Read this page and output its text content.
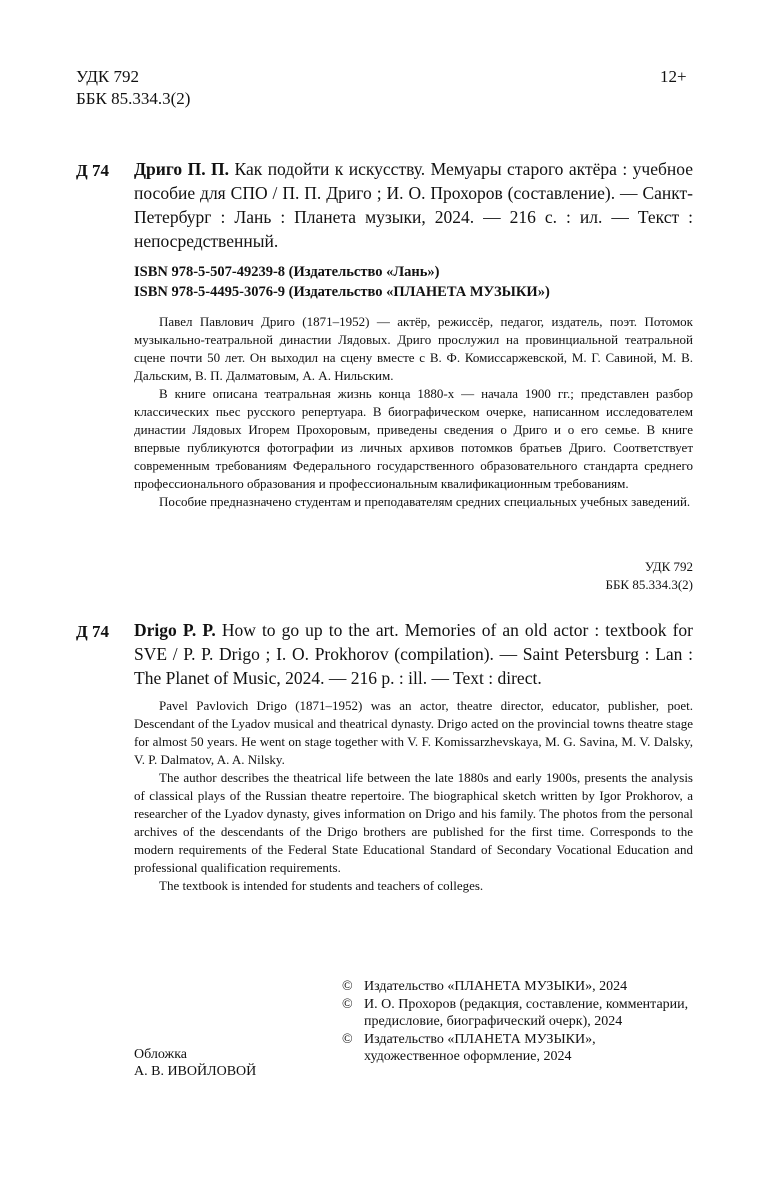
УДК 792
ББК 85.334.3(2)
12+
Д 74 Дриго П. П. Как подойти к искусству. Мемуары старого актёра : учебное пособие для СПО / П. П. Дриго ; И. О. Прохоров (составление). — Санкт-Петербург : Лань : Планета музыки, 2024. — 216 с. : ил. — Текст : непосредственный.
ISBN 978-5-507-49239-8 (Издательство «Лань»)
ISBN 978-5-4495-3076-9 (Издательство «ПЛАНЕТА МУЗЫКИ»)
Павел Павлович Дриго (1871–1952) — актёр, режиссёр, педагог, издатель, поэт. Потомок музыкально-театральной династии Лядовых. Дриго прослужил на провинциальной театральной сцене почти 50 лет. Он выходил на сцену вместе с В. Ф. Комиссаржевской, М. Г. Савиной, М. В. Дальским, В. П. Далматовым, А. А. Нильским.
В книге описана театральная жизнь конца 1880-х — начала 1900 гг.; представлен разбор классических пьес русского репертуара. В биографическом очерке, написанном исследователем династии Лядовых Игорем Прохоровым, приведены сведения о Дриго и о его семье. В книге впервые публикуются фотографии из личных архивов потомков братьев Дриго. Соответствует современным требованиям Федерального государственного образовательного стандарта среднего профессионального образования и профессиональным квалификационным требованиям.
Пособие предназначено студентам и преподавателям средних специальных учебных заведений.
УДК 792
ББК 85.334.3(2)
Д 74 Drigo P. P. How to go up to the art. Memories of an old actor : textbook for SVE / P. P. Drigo ; I. O. Prokhorov (compilation). — Saint Petersburg : Lan : The Planet of Music, 2024. — 216 p. : ill. — Text : direct.
Pavel Pavlovich Drigo (1871–1952) was an actor, theatre director, educator, publisher, poet. Descendant of the Lyadov musical and theatrical dynasty. Drigo acted on the provincial towns theatre stage for almost 50 years. He went on stage together with V. F. Komissarzhevskaya, M. G. Savina, M. V. Dalsky, V. P. Dalmatov, A. A. Nilsky.
The author describes the theatrical life between the late 1880s and early 1900s, presents the analysis of classical plays of the Russian theatre repertoire. The biographical sketch written by Igor Prokhorov, a researcher of the Lyadov dynasty, gives information on Drigo and his family. The photos from the personal archives of the descendants of the Drigo brothers are published for the first time. Corresponds to the modern requirements of the Federal State Educational Standard of Secondary Vocational Education and professional qualification requirements.
The textbook is intended for students and teachers of colleges.
Обложка
А. В. ИВОЙЛОВОЙ
© Издательство «ПЛАНЕТА МУЗЫКИ», 2024
© И. О. Прохоров (редакция, составление, комментарии, предисловие, биографический очерк), 2024
© Издательство «ПЛАНЕТА МУЗЫКИ», художественное оформление, 2024
